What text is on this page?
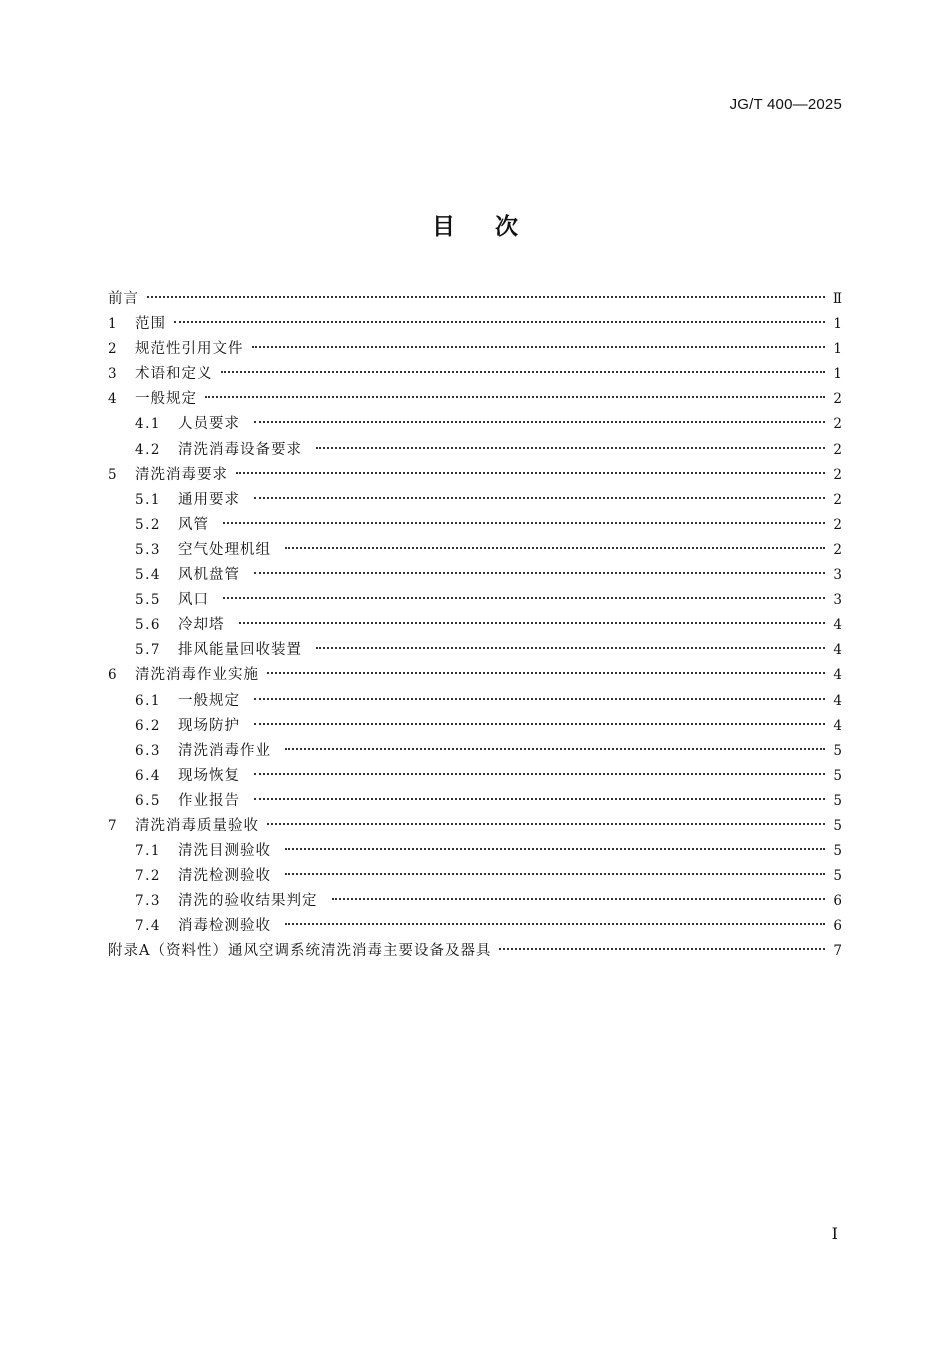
JG/T 400—2025
目次
前言	Ⅱ
1	范围	1
2	规范性引用文件	1
3	术语和定义	1
4	一般规定	2
4.1	人员要求	2
4.2	清洗消毒设备要求	2
5	清洗消毒要求	2
5.1	通用要求	2
5.2	风管	2
5.3	空气处理机组	2
5.4	风机盘管	3
5.5	风口	3
5.6	冷却塔	4
5.7	排风能量回收装置	4
6	清洗消毒作业实施	4
6.1	一般规定	4
6.2	现场防护	4
6.3	清洗消毒作业	5
6.4	现场恢复	5
6.5	作业报告	5
7	清洗消毒质量验收	5
7.1	清洗目测验收	5
7.2	清洗检测验收	5
7.3	清洗的验收结果判定	6
7.4	消毒检测验收	6
附录A（资料性）通风空调系统清洗消毒主要设备及器具	7
I
